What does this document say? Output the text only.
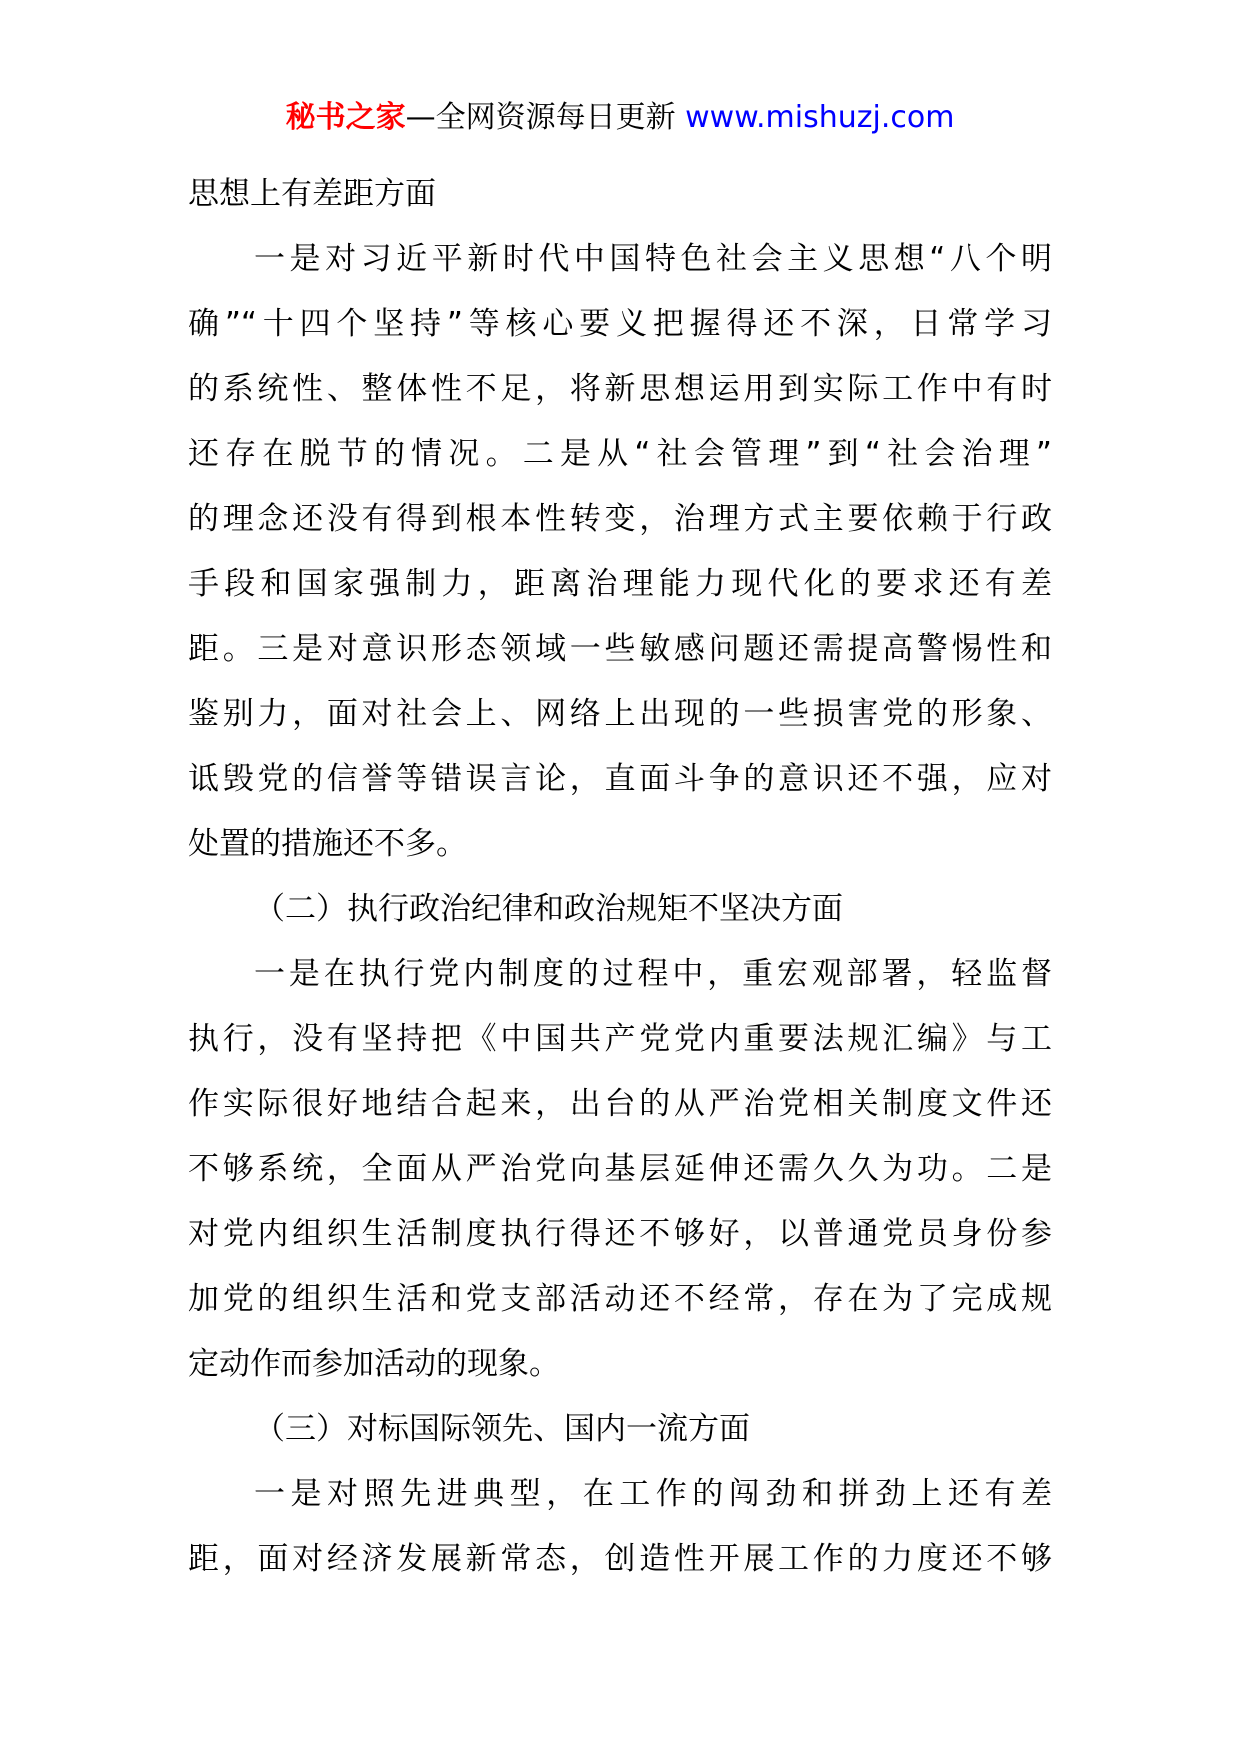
秘书之家—全网资源每日更新 www.mishuzj.com
思想上有差距方面
一是对习近平新时代中国特色社会主义思想“八个明
确”“十四个坚持”等核心要义把握得还不深，日常学习
的系统性、整体性不足，将新思想运用到实际工作中有时
还存在脱节的情况。二是从“社会管理”到“社会治理”
的理念还没有得到根本性转变，治理方式主要依赖于行政
手段和国家强制力，距离治理能力现代化的要求还有差
距。三是对意识形态领域一些敏感问题还需提高警惕性和
鉴别力，面对社会上、网络上出现的一些损害党的形象、
诋毁党的信誉等错误言论，直面斗争的意识还不强，应对
处置的措施还不多。
（二）执行政治纪律和政治规矩不坚决方面
一是在执行党内制度的过程中，重宏观部署，轻监督
执行，没有坚持把《中国共产党党内重要法规汇编》与工
作实际很好地结合起来，出台的从严治党相关制度文件还
不够系统，全面从严治党向基层延伸还需久久为功。二是
对党内组织生活制度执行得还不够好，以普通党员身份参
加党的组织生活和党支部活动还不经常，存在为了完成规
定动作而参加活动的现象。
（三）对标国际领先、国内一流方面
一是对照先进典型，在工作的闯劲和拼劲上还有差
距，面对经济发展新常态，创造性开展工作的力度还不够
